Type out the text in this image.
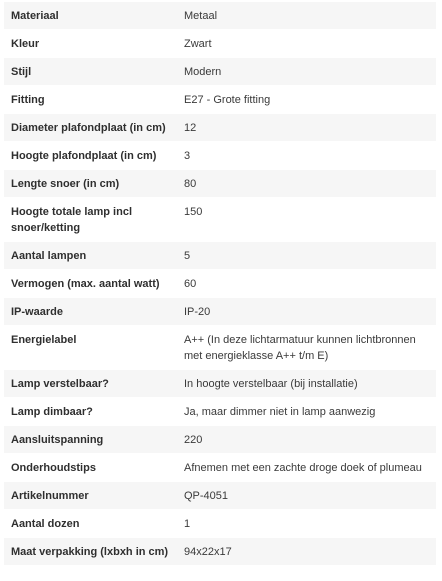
Materiaal	Metaal
Kleur	Zwart
Stijl	Modern
Fitting	E27 - Grote fitting
Diameter plafondplaat (in cm)	12
Hoogte plafondplaat (in cm)	3
Lengte snoer (in cm)	80
Hoogte totale lamp incl snoer/ketting	150
Aantal lampen	5
Vermogen (max. aantal watt)	60
IP-waarde	IP-20
Energielabel	A++ (In deze lichtarmatuur kunnen lichtbronnen met energieklasse A++ t/m E)
Lamp verstelbaar?	In hoogte verstelbaar (bij installatie)
Lamp dimbaar?	Ja, maar dimmer niet in lamp aanwezig
Aansluitspanning	220
Onderhoudstips	Afnemen met een zachte droge doek of plumeau
Artikelnummer	QP-4051
Aantal dozen	1
Maat verpakking (lxbxh in cm)	94x22x17
